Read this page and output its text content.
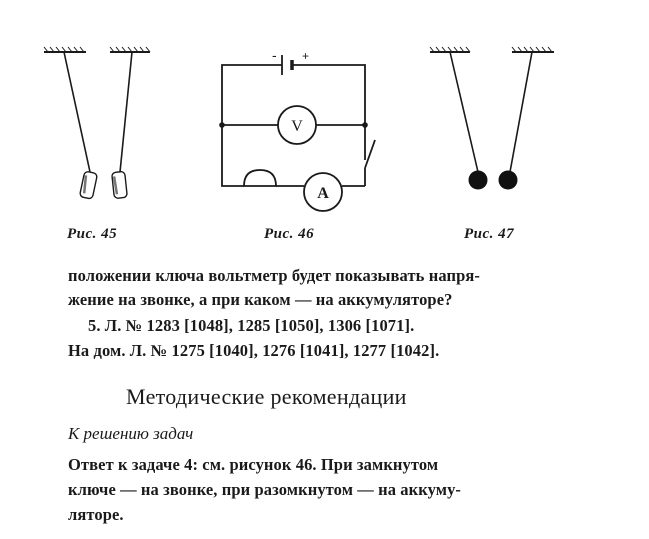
V
A
- +
Рис. 45	Рис. 46	Рис. 47
положении ключа вольтметр будет показывать напря-
жение на звонке, а при каком — на аккумуляторе?
5. Л. № 1283 [1048], 1285 [1050], 1306 [1071].
На дом. Л. № 1275 [1040], 1276 [1041], 1277 [1042].
Методические рекомендации
К решению задач
Ответ к задаче 4: см. рисунок 46. При замкнутом
ключе — на звонке, при разомкнутом — на аккуму-
ляторе.
